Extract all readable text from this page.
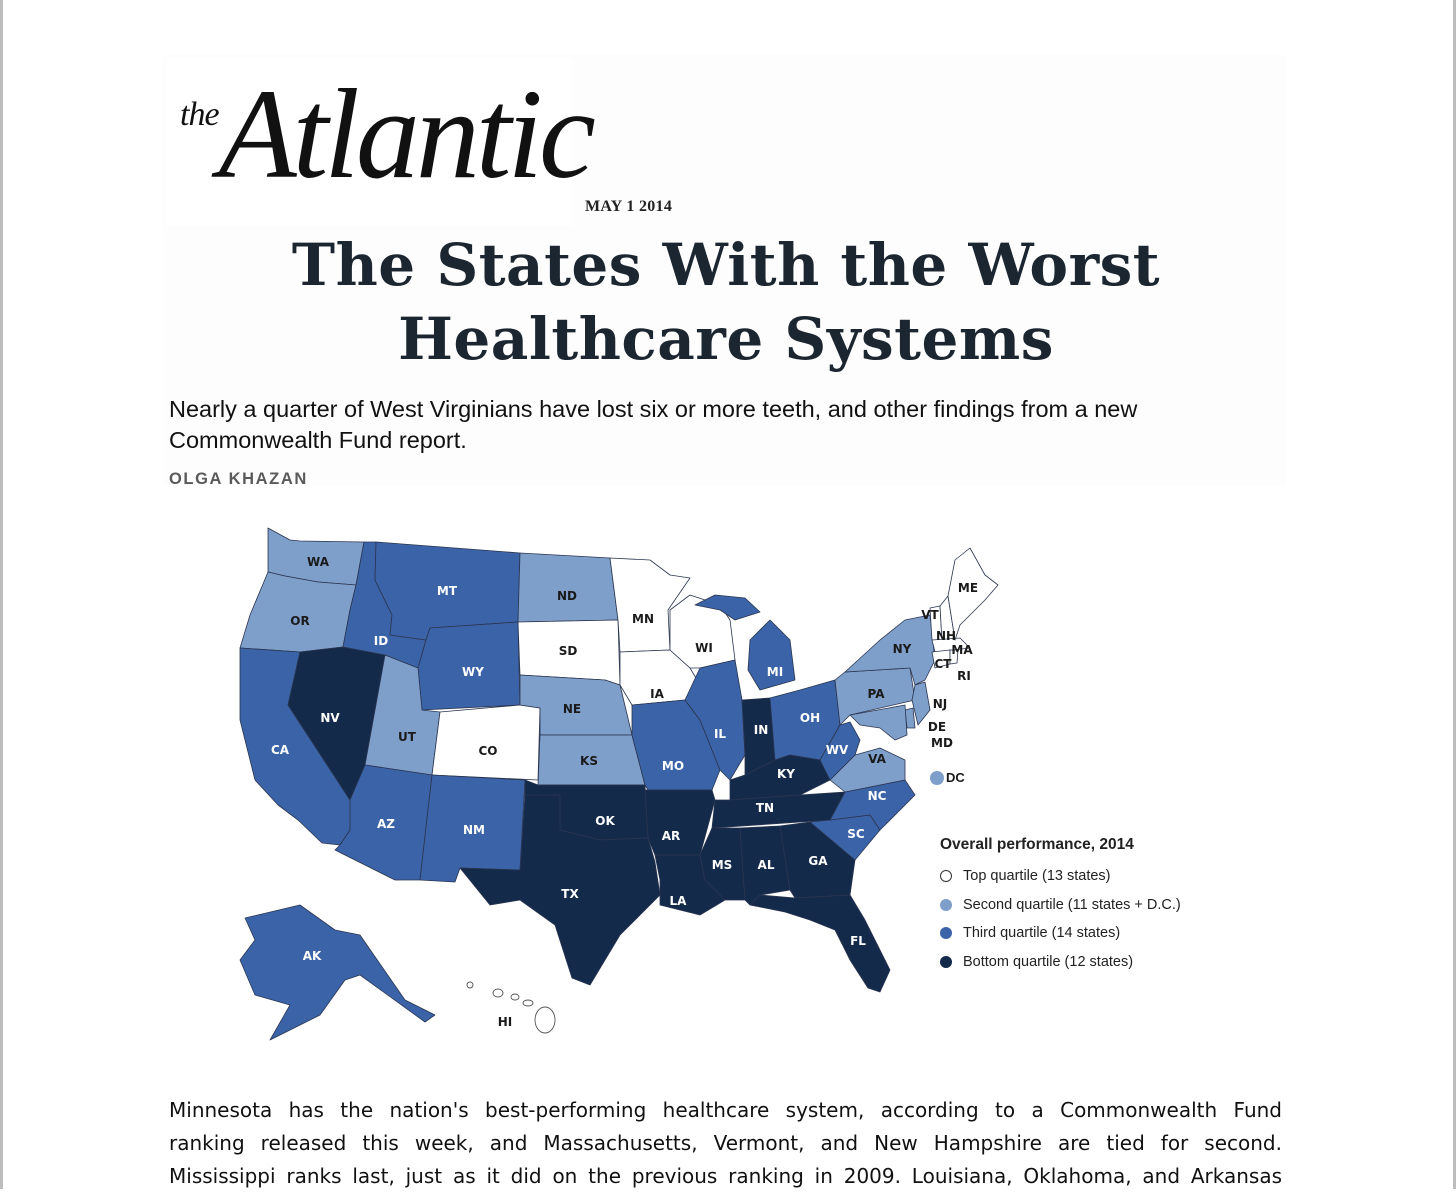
theAtlantic
MAY 1 2014
The States With the Worst
Healthcare Systems
Nearly a quarter of West Virginians have lost six or more teeth, and other findings from a new Commonwealth Fund report.
OLGA KHAZAN
WA
OR
CA
NV
ID
MT
WY
UT
AZ
CO
NM
ND
SD
NE
KS
OK
TX
MN
IA
MO
AR
LA
WI
IL
MI
IN
OH
KY
TN
MS AL	GA
FL
SC
NC
VA
WV
PA
NY
NJ
DE
MD
VT
NH
MA
CT
RI
ME
AK
HI
DC
Overall performance, 2014
Top quartile (13 states)
Second quartile (11 states + D.C.)
Third quartile (14 states)
Bottom quartile (12 states)

Minnesota has the nation's best-performing healthcare system, according to a Commonwealth Fund

ranking released this week, and Massachusetts, Vermont, and New Hampshire are tied for second.

Mississippi ranks last, just as it did on the previous ranking in 2009. Louisiana, Oklahoma, and Arkansas
